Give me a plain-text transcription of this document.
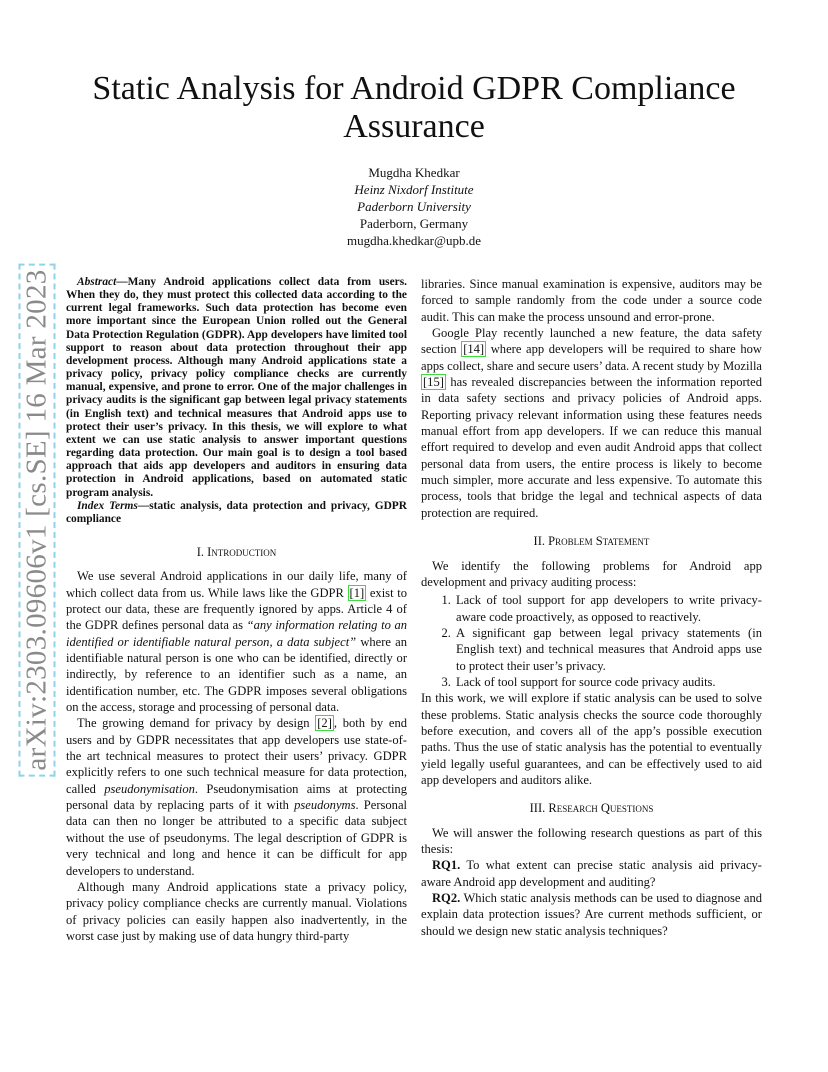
arXiv:2303.09606v1 [cs.SE] 16 Mar 2023
Static Analysis for Android GDPR Compliance Assurance
Mugdha Khedkar
Heinz Nixdorf Institute
Paderborn University
Paderborn, Germany
mugdha.khedkar@upb.de

Abstract—Many Android applications collect data from users. When they do, they must protect this collected data according to the current legal frameworks. Such data protection has become even more important since the European Union rolled out the General Data Protection Regulation (GDPR). App developers have limited tool support to reason about data protection throughout their app development process. Although many Android applications state a privacy policy, privacy policy compliance checks are currently manual, expensive, and prone to error. One of the major challenges in privacy audits is the significant gap between legal privacy statements (in English text) and technical measures that Android apps use to protect their user’s privacy. In this thesis, we will explore to what extent we can use static analysis to answer important questions regarding data protection. Our main goal is to design a tool based approach that aids app developers and auditors in ensuring data protection in Android applications, based on automated static program analysis.

Index Terms—static analysis, data protection and privacy, GDPR compliance

I. Introduction

We use several Android applications in our daily life, many of which collect data from us. While laws like the GDPR [1] exist to protect our data, these are frequently ignored by apps. Article 4 of the GDPR defines personal data as “any information relating to an identified or identifiable natural person, a data subject” where an identifiable natural person is one who can be identified, directly or indirectly, by reference to an identifier such as a name, an identification number, etc. The GDPR imposes several obligations on the access, storage and processing of personal data.

The growing demand for privacy by design [2] , both by end users and by GDPR necessitates that app developers use state-of-the art technical measures to protect their users’ privacy. GDPR explicitly refers to one such technical measure for data protection, called pseudonymisation. Pseudonymisation aims at protecting personal data by replacing parts of it with pseudonyms. Personal data can then no longer be attributed to a specific data subject without the use of pseudonyms. The legal description of GDPR is very technical and long and hence it can be difficult for app developers to understand.

Although many Android applications state a privacy policy, privacy policy compliance checks are currently manual. Violations of privacy policies can easily happen also inadvertently, in the worst case just by making use of data hungry third-party

libraries. Since manual examination is expensive, auditors may be forced to sample randomly from the code under a source code audit. This can make the process unsound and error-prone.

Google Play recently launched a new feature, the data safety section [14] where app developers will be required to share how apps collect, share and secure users’ data. A recent study by Mozilla [15] has revealed discrepancies between the information reported in data safety sections and privacy policies of Android apps. Reporting privacy relevant information using these features needs manual effort from app developers. If we can reduce this manual effort required to develop and even audit Android apps that collect personal data from users, the entire process is likely to become much simpler, more accurate and less expensive. To automate this process, tools that bridge the legal and technical aspects of data protection are required.

II. Problem Statement

We identify the following problems for Android app development and privacy auditing process:

1. Lack of tool support for app developers to write privacy-aware code proactively, as opposed to reactively.
2. A significant gap between legal privacy statements (in English text) and technical measures that Android apps use to protect their user’s privacy.
3. Lack of tool support for source code privacy audits.

In this work, we will explore if static analysis can be used to solve these problems. Static analysis checks the source code thoroughly before execution, and covers all of the app’s possible execution paths. Thus the use of static analysis has the potential to eventually yield legally useful guarantees, and can be effectively used to aid app developers and auditors alike.

III. Research Questions

We will answer the following research questions as part of this thesis:

RQ1. To what extent can precise static analysis aid privacy-aware Android app development and auditing?

RQ2. Which static analysis methods can be used to diagnose and explain data protection issues? Are current methods sufficient, or should we design new static analysis techniques?
